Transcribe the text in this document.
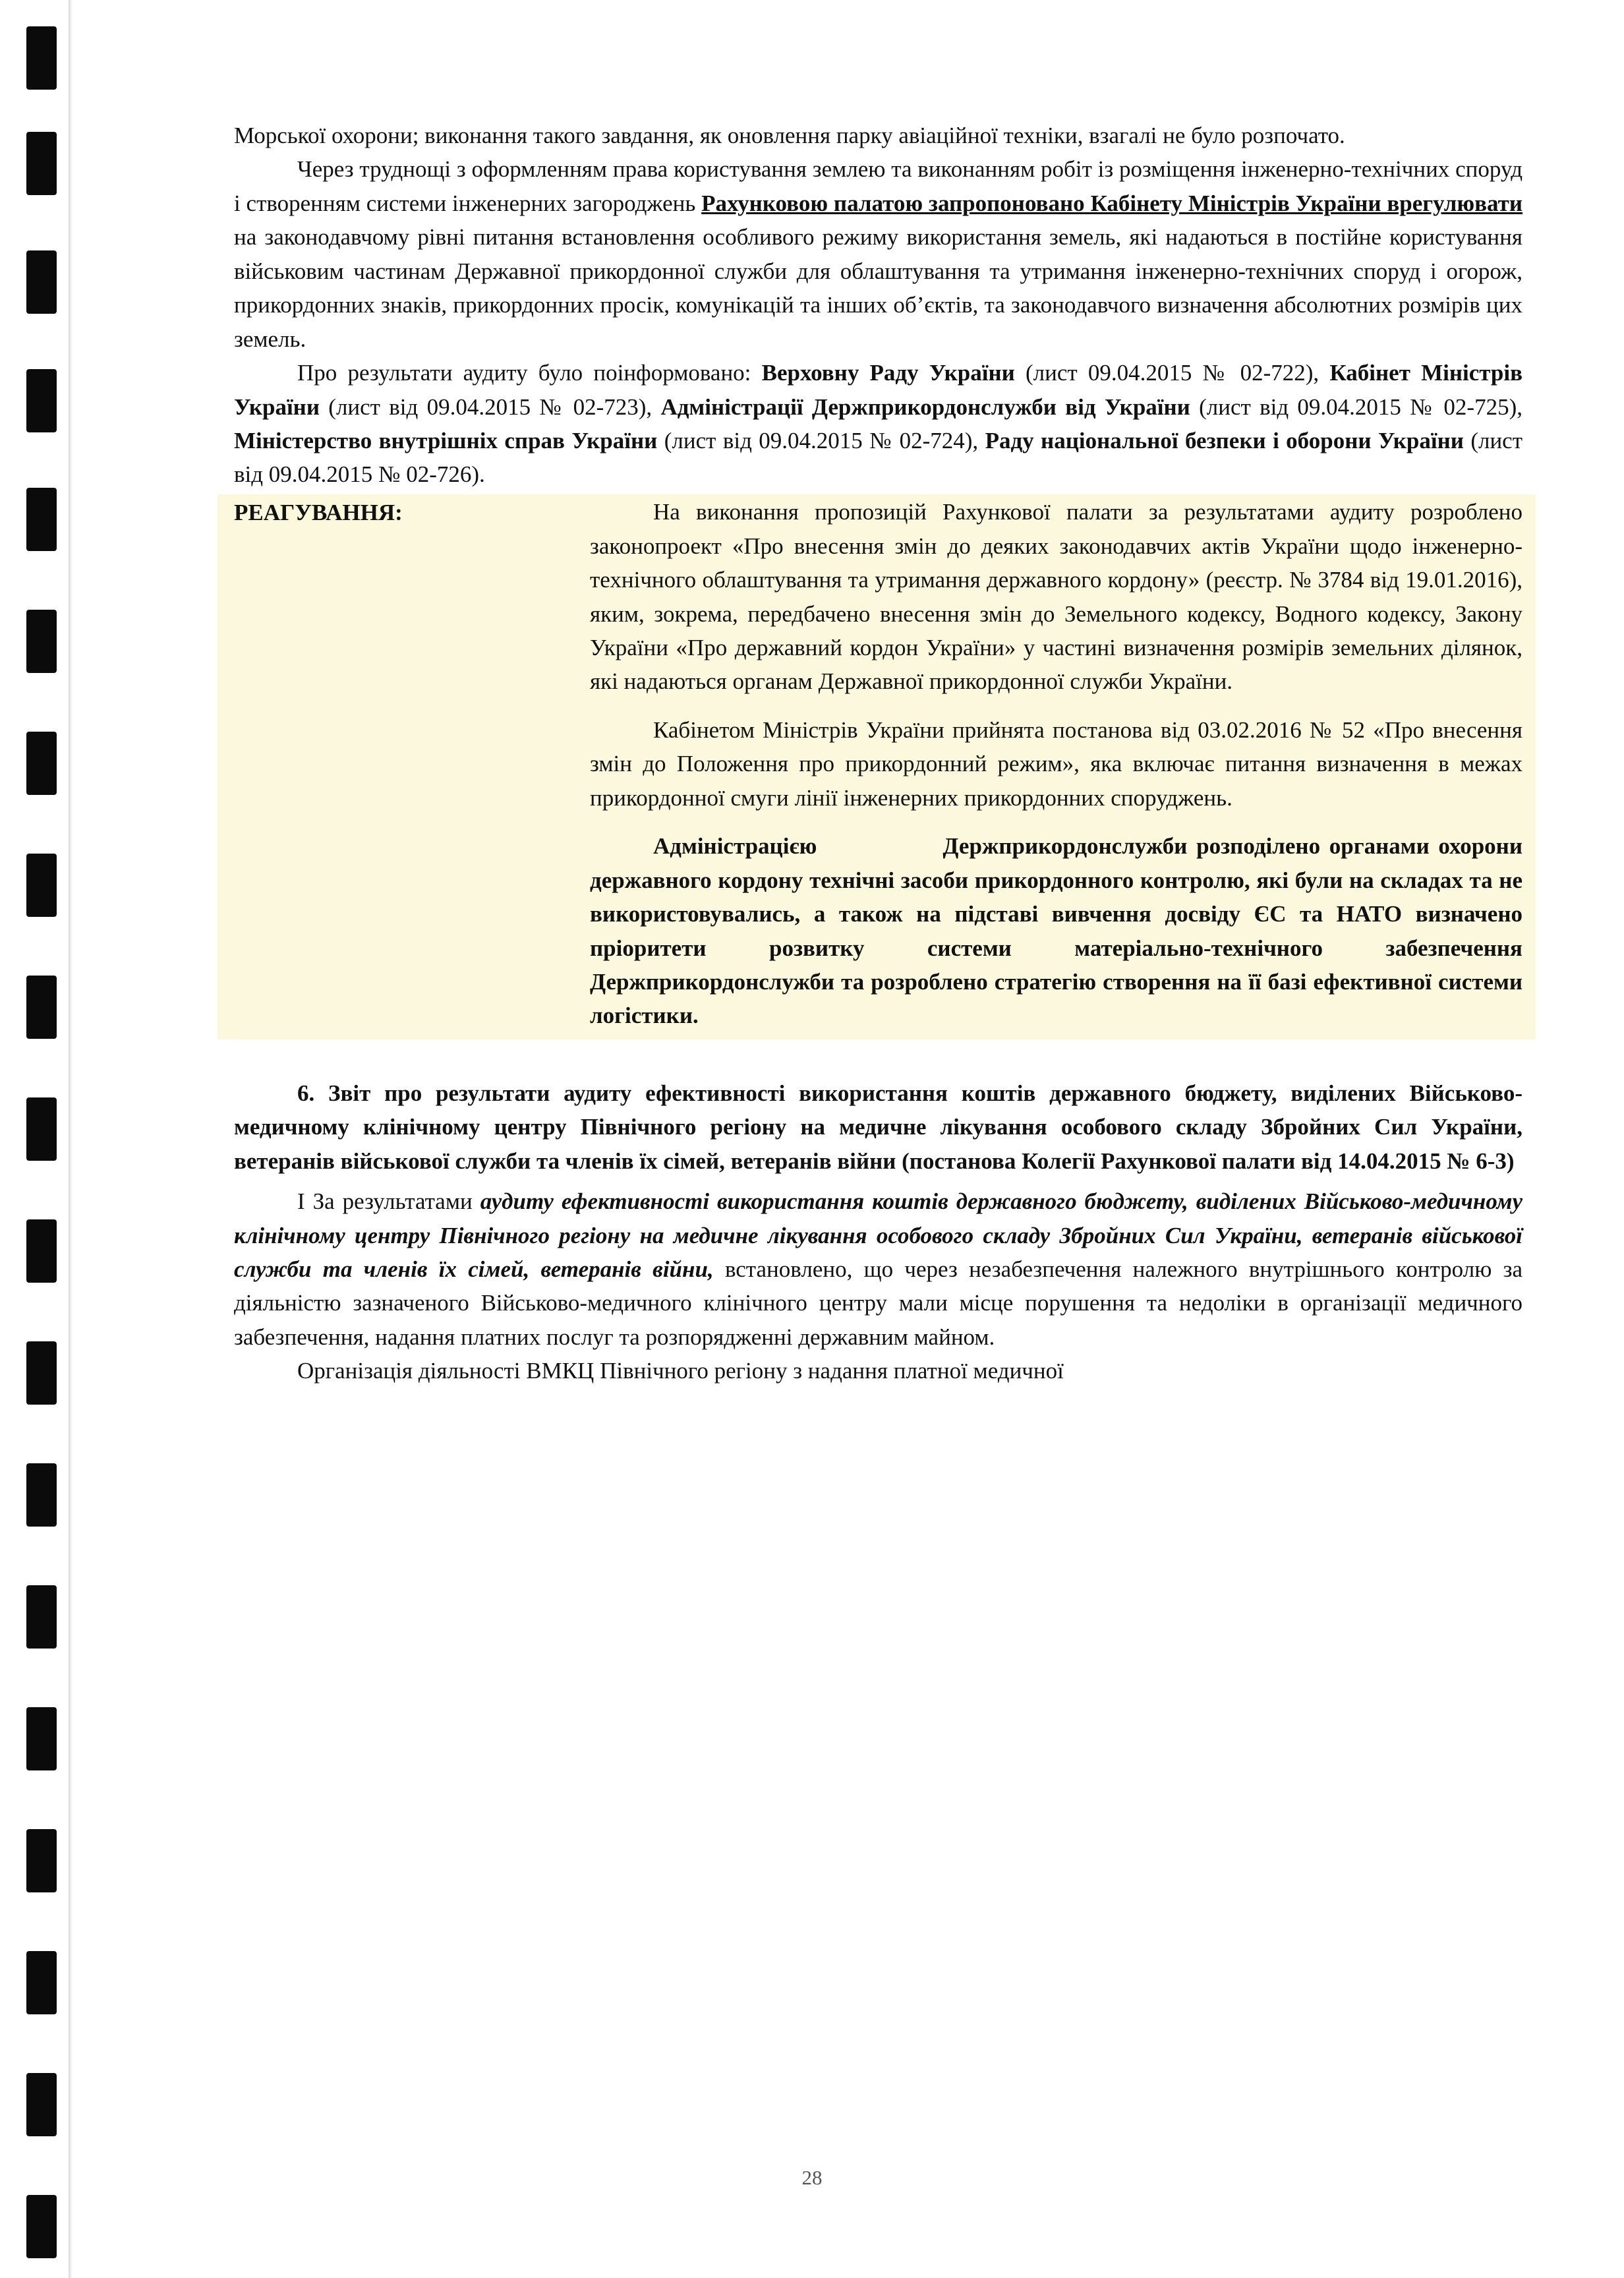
Морської охорони; виконання такого завдання, як оновлення парку авіаційної техніки, взагалі не було розпочато.

Через труднощі з оформленням права користування землею та виконанням робіт із розміщення інженерно-технічних споруд і створенням системи інженерних загороджень Рахунковою палатою запропоновано Кабінету Міністрів України врегулювати на законодавчому рівні питання встановлення особливого режиму використання земель, які надаються в постійне користування військовим частинам Державної прикордонної служби для облаштування та утримання інженерно-технічних споруд і огорож, прикордонних знаків, прикордонних просік, комунікацій та інших об’єктів, та законодавчого визначення абсолютних розмірів цих земель.

Про результати аудиту було поінформовано: Верховну Раду України (лист 09.04.2015 № 02-722), Кабінет Міністрів України (лист від 09.04.2015 № 02-723), Адміністрації Держприкордонслужби від України (лист від 09.04.2015 № 02-725), Міністерство внутрішніх справ України (лист від 09.04.2015 № 02-724), Раду національної безпеки і оборони України (лист від 09.04.2015 № 02-726).

РЕАГУВАННЯ:	На виконання пропозицій Рахункової палати за результатами аудиту розроблено законопроект «Про внесення змін до деяких законодавчих актів України щодо інженерно-технічного облаштування та утримання державного кордону» (реєстр. № 3784 від 19.01.2016), яким, зокрема, передбачено внесення змін до Земельного кодексу, Водного кодексу, Закону України «Про державний кордон України» у частині визначення розмірів земельних ділянок, які надаються органам Державної прикордонної служби України.

Кабінетом Міністрів України прийнята постанова від 03.02.2016 № 52 «Про внесення змін до Положення про прикордонний режим», яка включає питання визначення в межах прикордонної смуги лінії інженерних прикордонних споруджень.

Адміністрацією	Держприкордонслужби розподілено органами охорони державного кордону технічні засоби прикордонного контролю, які були на складах та не використовувались, а також на підставі вивчення досвіду ЄС та НАТО визначено пріоритети розвитку системи матеріально-технічного забезпечення Держприкордонслужби та розроблено стратегію створення на її базі ефективної системи логістики.

6. Звіт про результати аудиту ефективності використання коштів державного бюджету, виділених Військово-медичному клінічному центру Північного регіону на медичне лікування особового складу Збройних Сил України, ветеранів військової служби та членів їх сімей, ветеранів війни (постанова Колегії Рахункової палати від 14.04.2015 № 6-3)

І За результатами аудиту ефективності використання коштів державного бюджету, виділених Військово-медичному клінічному центру Північного регіону на медичне лікування особового складу Збройних Сил України, ветеранів військової служби та членів їх сімей, ветеранів війни, встановлено, що через незабезпечення належного внутрішнього контролю за діяльністю зазначеного Військово-медичного клінічного центру мали місце порушення та недоліки в організації медичного забезпечення, надання платних послуг та розпорядженні державним майном.

Організація діяльності ВМКЦ Північного регіону з надання платної медичної

28
